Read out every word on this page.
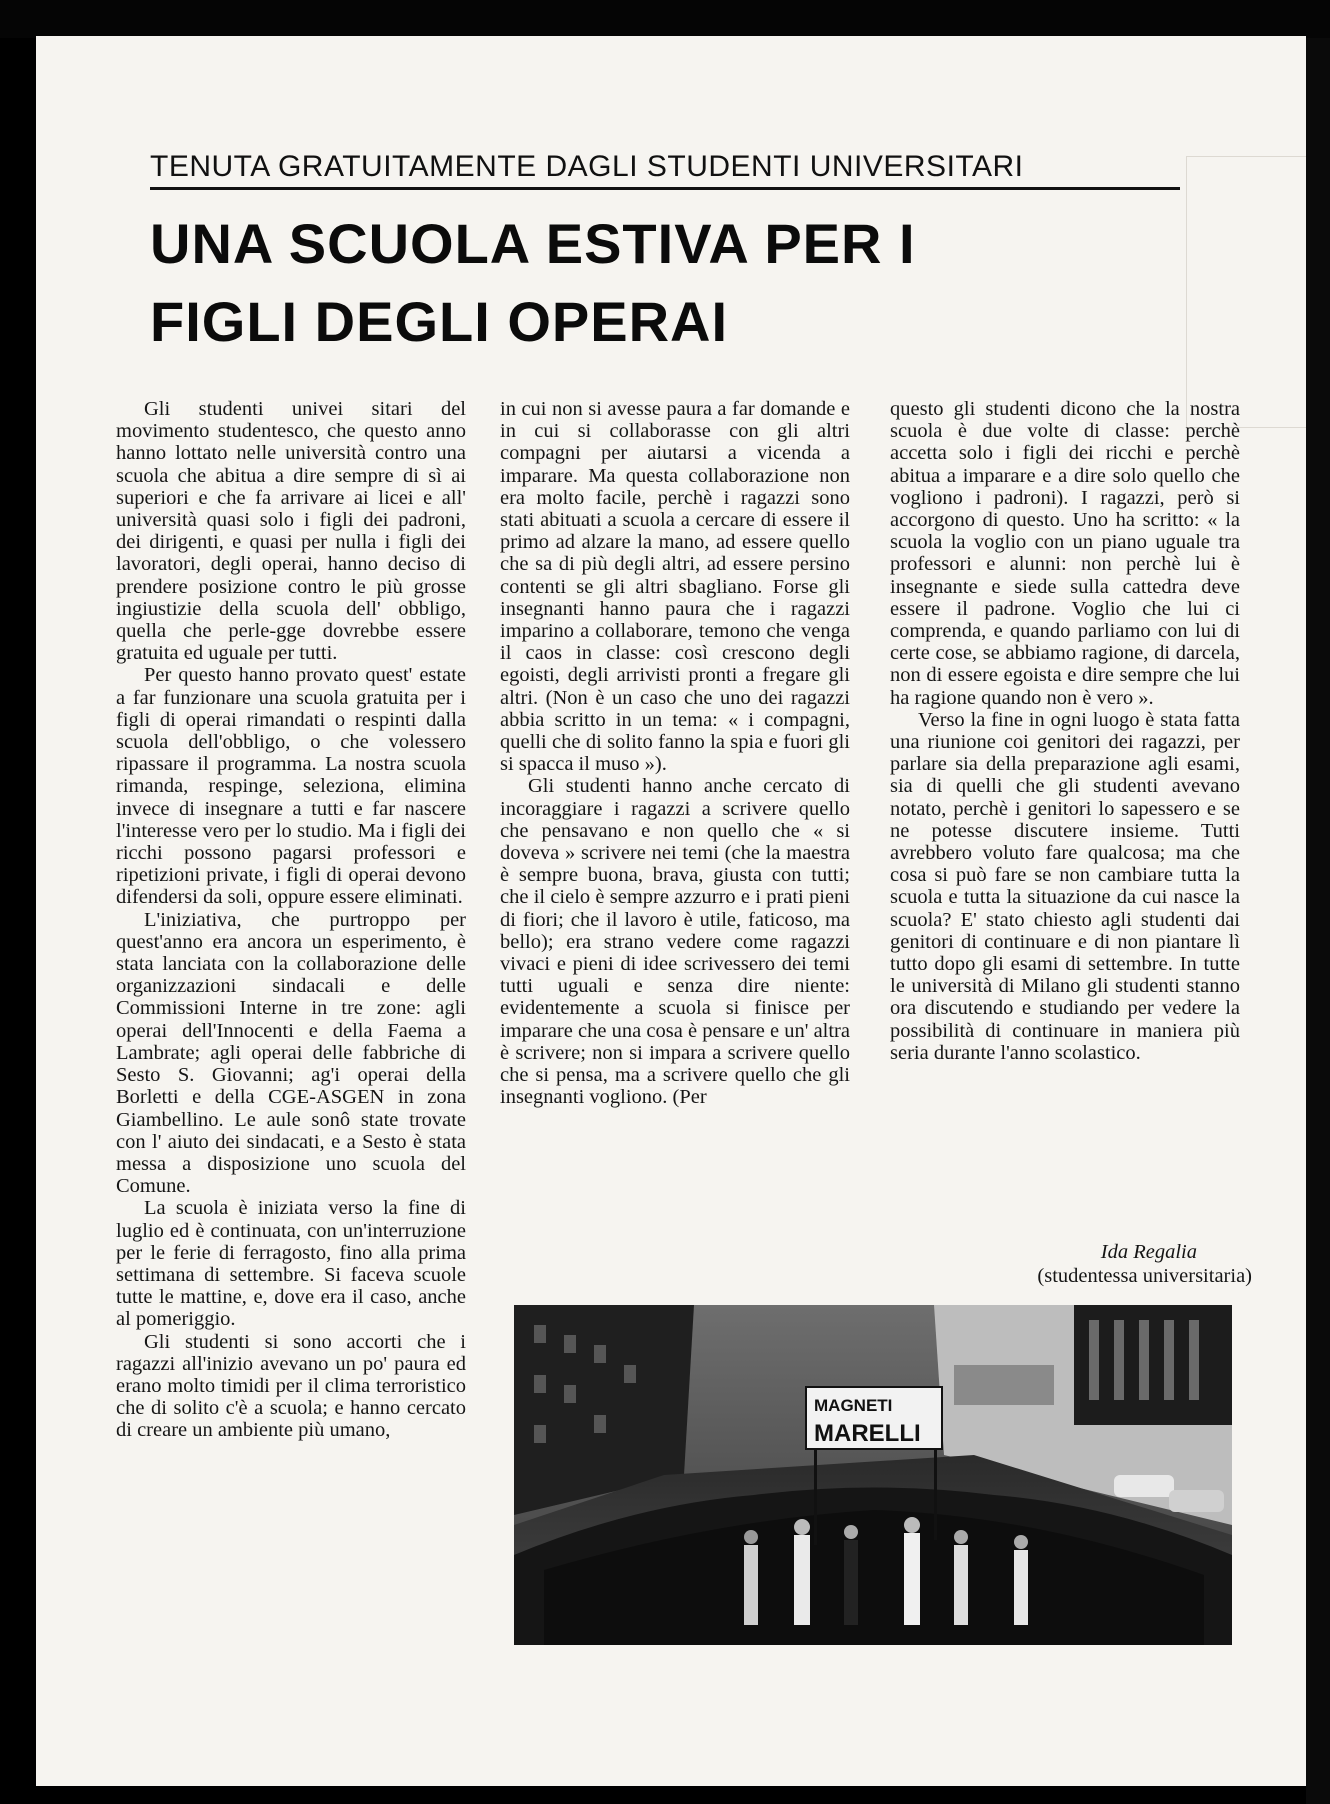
TENUTA GRATUITAMENTE DAGLI STUDENTI UNIVERSITARI
UNA SCUOLA ESTIVA PER I
FIGLI DEGLI OPERAI

Gli studenti univei sitari del movimento studentesco, che questo anno hanno lottato nelle università contro una scuola che abitua a dire sempre di sì ai superiori e che fa arrivare ai licei e all' università quasi solo i figli dei padroni, dei dirigenti, e quasi per nulla i figli dei lavoratori, degli operai, hanno deciso di prendere posizione contro le più grosse ingiustizie della scuola dell' obbligo, quella che perle-gge dovrebbe essere gratuita ed uguale per tutti.

Per questo hanno provato quest' estate a far funzionare una scuola gratuita per i figli di operai rimandati o respinti dalla scuola dell'obbligo, o che volessero ripassare il programma. La nostra scuola rimanda, respinge, seleziona, elimina invece di insegnare a tutti e far nascere l'interesse vero per lo studio. Ma i figli dei ricchi possono pagarsi professori e ripetizioni private, i figli di operai devono difendersi da soli, oppure essere eliminati.

L'iniziativa, che purtroppo per quest'anno era ancora un esperimento, è stata lanciata con la collaborazione delle organizzazioni sindacali e delle Commissioni Interne in tre zone: agli operai dell'Innocenti e della Faema a Lambrate; agli operai delle fabbriche di Sesto S. Giovanni; ag'i operai della Borletti e della CGE-ASGEN in zona Giambellino. Le aule sonô state trovate con l' aiuto dei sindacati, e a Sesto è stata messa a disposizione uno scuola del Comune.

La scuola è iniziata verso la fine di luglio ed è continuata, con un'interruzione per le ferie di ferragosto, fino alla prima settimana di settembre. Si faceva scuole tutte le mattine, e, dove era il caso, anche al pomeriggio.

Gli studenti si sono accorti che i ragazzi all'inizio avevano un po' paura ed erano molto timidi per il clima terroristico che di solito c'è a scuola; e hanno cercato di creare un ambiente più umano,

in cui non si avesse paura a far domande e in cui si collaborasse con gli altri compagni per aiutarsi a vicenda a imparare. Ma questa collaborazione non era molto facile, perchè i ragazzi sono stati abituati a scuola a cercare di essere il primo ad alzare la mano, ad essere quello che sa di più degli altri, ad essere persino contenti se gli altri sbagliano. Forse gli insegnanti hanno paura che i ragazzi imparino a collaborare, temono che venga il caos in classe: così crescono degli egoisti, degli arrivisti pronti a fregare gli altri. (Non è un caso che uno dei ragazzi abbia scritto in un tema: « i compagni, quelli che di solito fanno la spia e fuori gli si spacca il muso »).

Gli studenti hanno anche cercato di incoraggiare i ragazzi a scrivere quello che pensavano e non quello che « si doveva » scrivere nei temi (che la maestra è sempre buona, brava, giusta con tutti; che il cielo è sempre azzurro e i prati pieni di fiori; che il lavoro è utile, faticoso, ma bello); era strano vedere come ragazzi vivaci e pieni di idee scrivessero dei temi tutti uguali e senza dire niente: evidentemente a scuola si finisce per imparare che una cosa è pensare e un' altra è scrivere; non si impara a scrivere quello che si pensa, ma a scrivere quello che gli insegnanti vogliono. (Per

questo gli studenti dicono che la nostra scuola è due volte di classe: perchè accetta solo i figli dei ricchi e perchè abitua a imparare e a dire solo quello che vogliono i padroni). I ragazzi, però si accorgono di questo. Uno ha scritto: « la scuola la voglio con un piano uguale tra professori e alunni: non perchè lui è insegnante e siede sulla cattedra deve essere il padrone. Voglio che lui ci comprenda, e quando parliamo con lui di certe cose, se abbiamo ragione, di darcela, non di essere egoista e dire sempre che lui ha ragione quando non è vero ».

Verso la fine in ogni luogo è stata fatta una riunione coi genitori dei ragazzi, per parlare sia della preparazione agli esami, sia di quelli che gli studenti avevano notato, perchè i genitori lo sapessero e se ne potesse discutere insieme. Tutti avrebbero voluto fare qualcosa; ma che cosa si può fare se non cambiare tutta la scuola e tutta la situazione da cui nasce la scuola? E' stato chiesto agli studenti dai genitori di continuare e di non piantare lì tutto dopo gli esami di settembre. In tutte le università di Milano gli studenti stanno ora discutendo e studiando per vedere la possibilità di continuare in maniera più seria durante l'anno scolastico.

Ida Regalia
(studentessa universitaria)
MAGNETI
MARELLI
